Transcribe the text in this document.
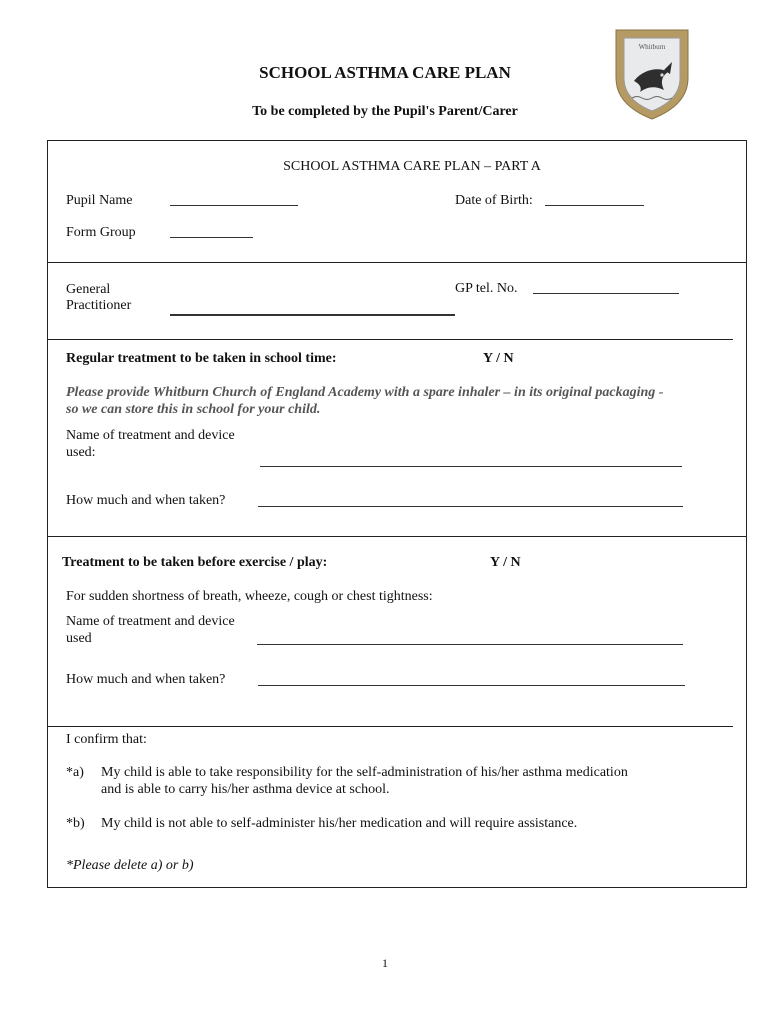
SCHOOL ASTHMA CARE PLAN
To be completed by the Pupil's Parent/Carer
Whitburn
SCHOOL ASTHMA CARE PLAN – PART A
Pupil Name	Date of Birth:
Form Group
General
Practitioner
GP tel. No.
Regular treatment to be taken in school time:	Y / N
Please provide Whitburn Church of England Academy with a spare inhaler – in its original packaging -
so we can store this in school for your child.
Name of treatment and device
used:
How much and when taken?
Treatment to be taken before exercise / play:	Y / N
For sudden shortness of breath, wheeze, cough or chest tightness:
Name of treatment and device
used
How much and when taken?
I confirm that:
*a) My child is able to take responsibility for the self-administration of his/her asthma medication
and is able to carry his/her asthma device at school.
*b) My child is not able to self-administer his/her medication and will require assistance.
*Please delete a) or b)
1
